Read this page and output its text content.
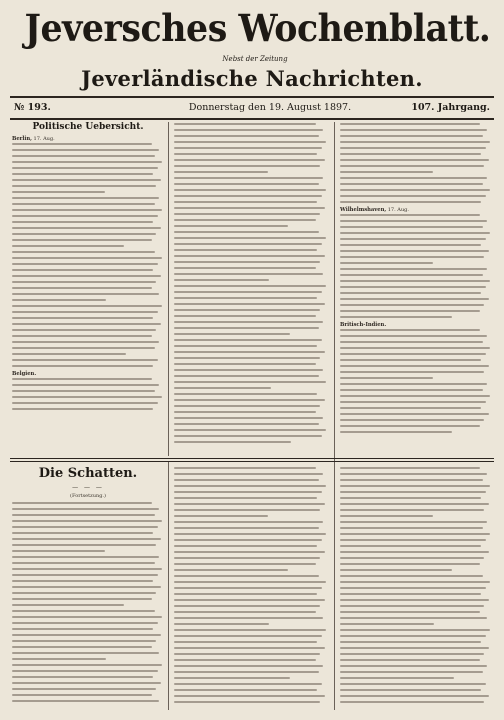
Jeversches Wochenblatt.
Nebst der Zeitung
Jeverländische Nachrichten.
№ 193.	Donnerstag den 19. August 1897.	107. Jahrgang.
Politische Uebersicht.
Berlin, 17. Aug.
Belgien.
Wilhelmshaven, 17. Aug.
Britisch-Indien.
Die Schatten.
— — —
(Fortsetzung.)
